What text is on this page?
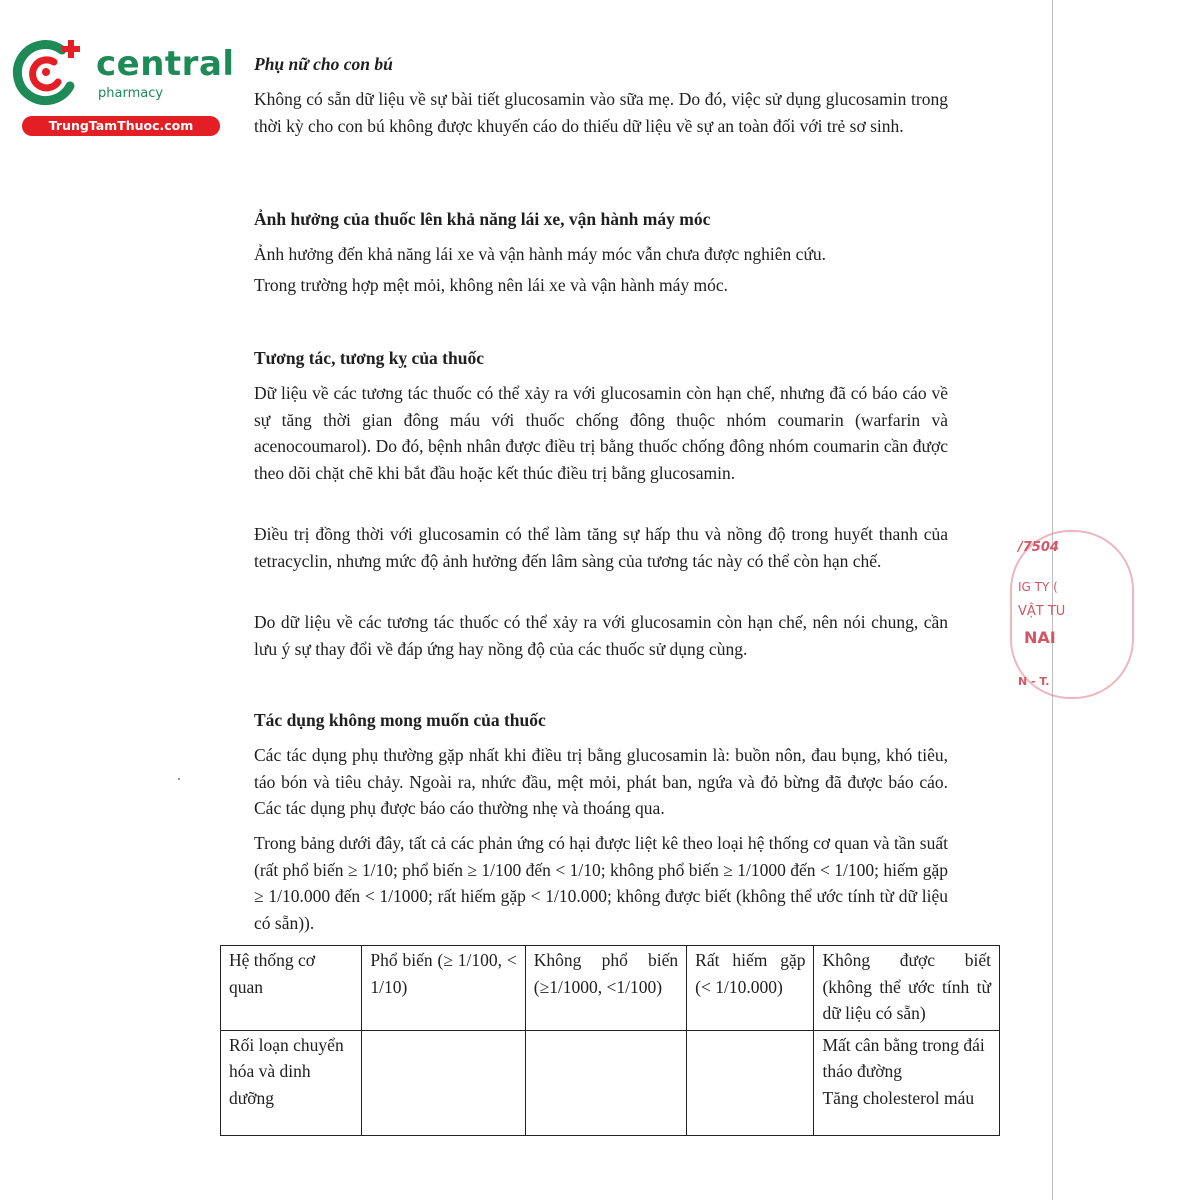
central
pharmacy
TrungTamThuoc.com
/7504
IG TY (
VẬT TU
NAI
N - T.
Phụ nữ cho con bú

Không có sẵn dữ liệu về sự bài tiết glucosamin vào sữa mẹ. Do đó, việc sử dụng glucosamin trong thời kỳ cho con bú không được khuyến cáo do thiếu dữ liệu về sự an toàn đối với trẻ sơ sinh.

Ảnh hưởng của thuốc lên khả năng lái xe, vận hành máy móc

Ảnh hưởng đến khả năng lái xe và vận hành máy móc vẫn chưa được nghiên cứu.

Trong trường hợp mệt mỏi, không nên lái xe và vận hành máy móc.

Tương tác, tương kỵ của thuốc

Dữ liệu về các tương tác thuốc có thể xảy ra với glucosamin còn hạn chế, nhưng đã có báo cáo về sự tăng thời gian đông máu với thuốc chống đông thuộc nhóm coumarin (warfarin và acenocoumarol). Do đó, bệnh nhân được điều trị bằng thuốc chống đông nhóm coumarin cần được theo dõi chặt chẽ khi bắt đầu hoặc kết thúc điều trị bằng glucosamin.

Điều trị đồng thời với glucosamin có thể làm tăng sự hấp thu và nồng độ trong huyết thanh của tetracyclin, nhưng mức độ ảnh hưởng đến lâm sàng của tương tác này có thể còn hạn chế.

Do dữ liệu về các tương tác thuốc có thể xảy ra với glucosamin còn hạn chế, nên nói chung, cần lưu ý sự thay đổi về đáp ứng hay nồng độ của các thuốc sử dụng cùng.

Tác dụng không mong muốn của thuốc

Các tác dụng phụ thường gặp nhất khi điều trị bằng glucosamin là: buồn nôn, đau bụng, khó tiêu, táo bón và tiêu chảy. Ngoài ra, nhức đầu, mệt mỏi, phát ban, ngứa và đỏ bừng đã được báo cáo. Các tác dụng phụ được báo cáo thường nhẹ và thoáng qua.

Trong bảng dưới đây, tất cả các phản ứng có hại được liệt kê theo loại hệ thống cơ quan và tần suất (rất phổ biến ≥ 1/10; phổ biến ≥ 1/100 đến < 1/10; không phổ biến ≥ 1/1000 đến < 1/100; hiếm gặp ≥ 1/10.000 đến < 1/1000; rất hiếm gặp < 1/10.000; không được biết (không thể ước tính từ dữ liệu có sẵn)).

Hệ thống cơ quan	Phổ biến (≥ 1/100, < 1/10)	Không phổ biến (≥1/1000, <1/100)	Rất hiếm gặp (< 1/10.000)	Không được biết (không thể ước tính từ dữ liệu có sẵn)
Rối loạn chuyển hóa và dinh dưỡng				Mất cân bằng trong đái tháo đường
Tăng cholesterol máu
